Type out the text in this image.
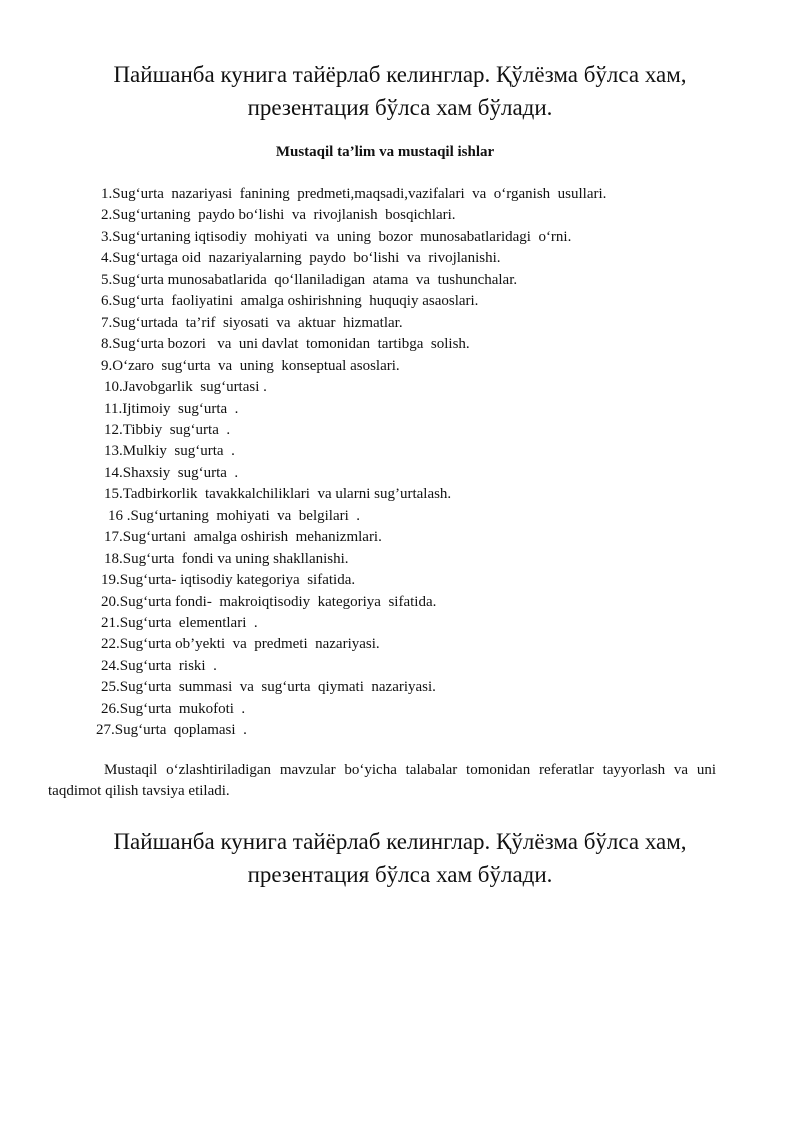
Пайшанба кунига тайёрлаб келинглар. Қўлёзма бўлса хам,
презентация бўлса хам бўлади.
Mustaqil ta’lim va mustaqil ishlar
1.Sug‘urta  nazariyasi  fanining  predmeti,maqsadi,vazifalari  va  o‘rganish  usullari.
2.Sug‘urtaning  paydo bo‘lishi  va  rivojlanish  bosqichlari.
3.Sug‘urtaning iqtisodiy  mohiyati  va  uning  bozor  munosabatlaridagi  o‘rni.
4.Sug‘urtaga oid  nazariyalarning  paydo  bo‘lishi  va  rivojlanishi.
5.Sug‘urta munosabatlarida  qo‘llaniladigan  atama  va  tushunchalar.
6.Sug‘urta  faoliyatini  amalga oshirishning  huquqiy asaoslari.
7.Sug‘urtada  ta’rif  siyosati  va  aktuar  hizmatlar.
8.Sug‘urta bozori   va  uni davlat  tomonidan  tartibga  solish.
9.O‘zaro  sug‘urta  va  uning  konseptual asoslari.
10.Javobgarlik  sug‘urtasi .
11.Ijtimoiy  sug‘urta  .
12.Tibbiy  sug‘urta  .
13.Mulkiy  sug‘urta  .
14.Shaxsiy  sug‘urta  .
15.Tadbirkorlik  tavakkalchiliklari  va ularni sug’urtalash.
16 .Sug‘urtaning  mohiyati  va  belgilari  .
17.Sug‘urtani  amalga oshirish  mehanizmlari.
18.Sug‘urta  fondi va uning shakllanishi.
19.Sug‘urta- iqtisodiy kategoriya  sifatida.
20.Sug‘urta fondi-  makroiqtisodiy  kategoriya  sifatida.
21.Sug‘urta  elementlari  .
22.Sug‘urta ob’yekti  va  predmeti  nazariyasi.
24.Sug‘urta  riski  .
25.Sug‘urta  summasi  va  sug‘urta  qiymati  nazariyasi.
26.Sug‘urta  mukofoti  .
27.Sug‘urta  qoplamasi  .
Mustaqil o‘zlashtiriladigan mavzular bo‘yicha talabalar tomonidan referatlar tayyorlash va uni taqdimot qilish tavsiya etiladi.
Пайшанба кунига тайёрлаб келинглар. Қўлёзма бўлса хам,
презентация бўлса хам бўлади.
